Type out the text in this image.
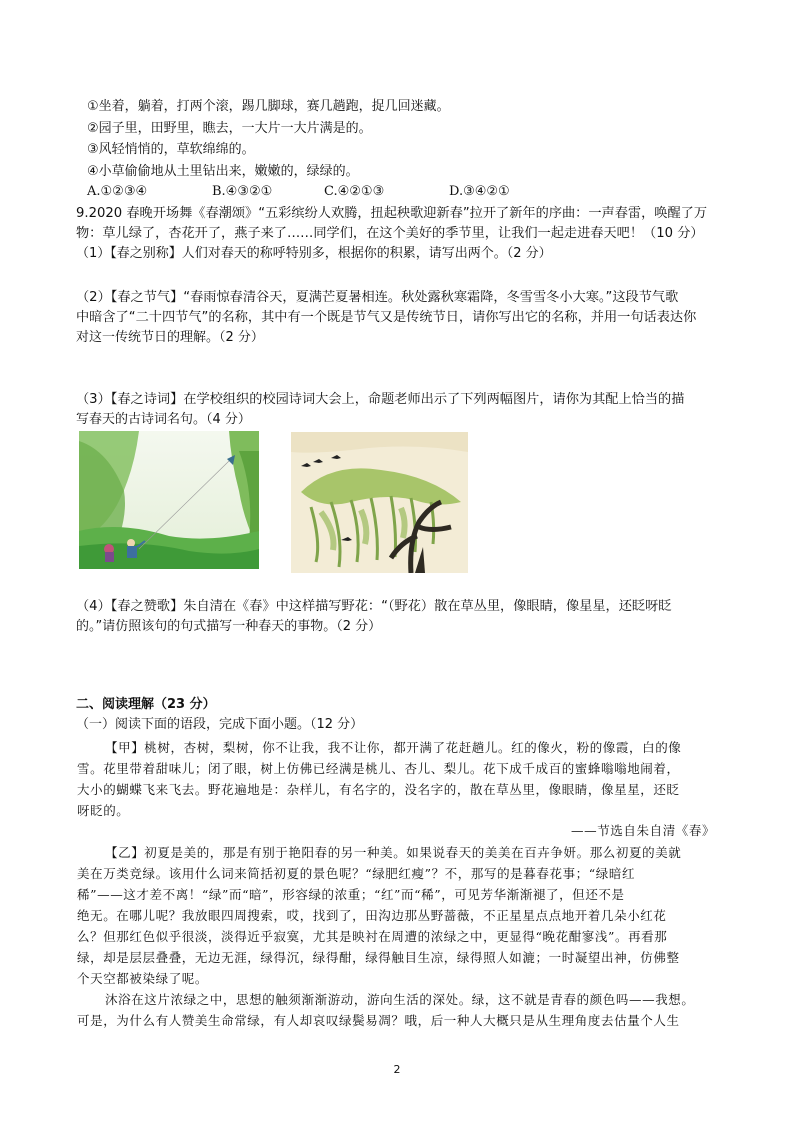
①坐着，躺着，打两个滚，踢几脚球，赛几趟跑，捉几回迷藏。
②园子里，田野里，瞧去，一大片一大片满是的。
③风轻悄悄的，草软绵绵的。
④小草偷偷地从土里钻出来，嫩嫩的，绿绿的。
A.①②③④	B.④③②①	C.④②①③	D.③④②①
9.2020 春晚开场舞《春潮颂》“五彩缤纷人欢腾，扭起秧歌迎新春”拉开了新年的序曲：一声春雷，唤醒了万
物：草儿绿了，杏花开了，燕子来了……同学们，在这个美好的季节里，让我们一起走进春天吧！（10 分）
（1）【春之别称】人们对春天的称呼特别多，根据你的积累，请写出两个。（2 分）
（2）【春之节气】“春雨惊春清谷天，夏满芒夏暑相连。秋处露秋寒霜降，冬雪雪冬小大寒。”这段节气歌
中暗含了“二十四节气”的名称，其中有一个既是节气又是传统节日，请你写出它的名称，并用一句话表达你
对这一传统节日的理解。（2 分）
（3）【春之诗词】在学校组织的校园诗词大会上，命题老师出示了下列两幅图片，请你为其配上恰当的描
写春天的古诗词名句。（4 分）
（4）【春之赞歌】朱自清在《春》中这样描写野花：“（野花）散在草丛里，像眼睛，像星星，还眨呀眨
的。”请仿照该句的句式描写一种春天的事物。（2 分）
二、阅读理解（23 分）
（一）阅读下面的语段，完成下面小题。（12 分）
【甲】桃树，杏树，梨树，你不让我，我不让你，都开满了花赶趟儿。红的像火，粉的像霞，白的像
雪。花里带着甜味儿；闭了眼，树上仿佛已经满是桃儿、杏儿、梨儿。花下成千成百的蜜蜂嗡嗡地闹着，
大小的蝴蝶飞来飞去。野花遍地是：杂样儿，有名字的，没名字的，散在草丛里，像眼睛，像星星，还眨
呀眨的。
——节选自朱自清《春》
【乙】初夏是美的，那是有别于艳阳春的另一种美。如果说春天的美美在百卉争妍。那么初夏的美就
美在万类竞绿。该用什么词来简括初夏的景色呢？“绿肥红瘦”？不，那写的是暮春花事；“绿暗红
稀”——这才差不离！“绿”而“暗”，形容绿的浓重；“红”而“稀”，可见芳华渐渐褪了，但还不是
绝无。在哪儿呢？我放眼四周搜索，哎，找到了，田沟边那丛野蔷薇，不正星星点点地开着几朵小红花
么？但那红色似乎很淡，淡得近乎寂寞，尤其是映衬在周遭的浓绿之中，更显得“晚花酣寥浅”。再看那
绿，却是层层叠叠，无边无涯，绿得沉，绿得酣，绿得触目生凉，绿得照人如漉；一时凝望出神，仿佛整
个天空都被染绿了呢。
沐浴在这片浓绿之中，思想的触须渐渐游动，游向生活的深处。绿，这不就是青春的颜色吗——我想。
可是，为什么有人赞美生命常绿，有人却哀叹绿鬓易凋？哦，后一种人大概只是从生理角度去估量个人生
2
